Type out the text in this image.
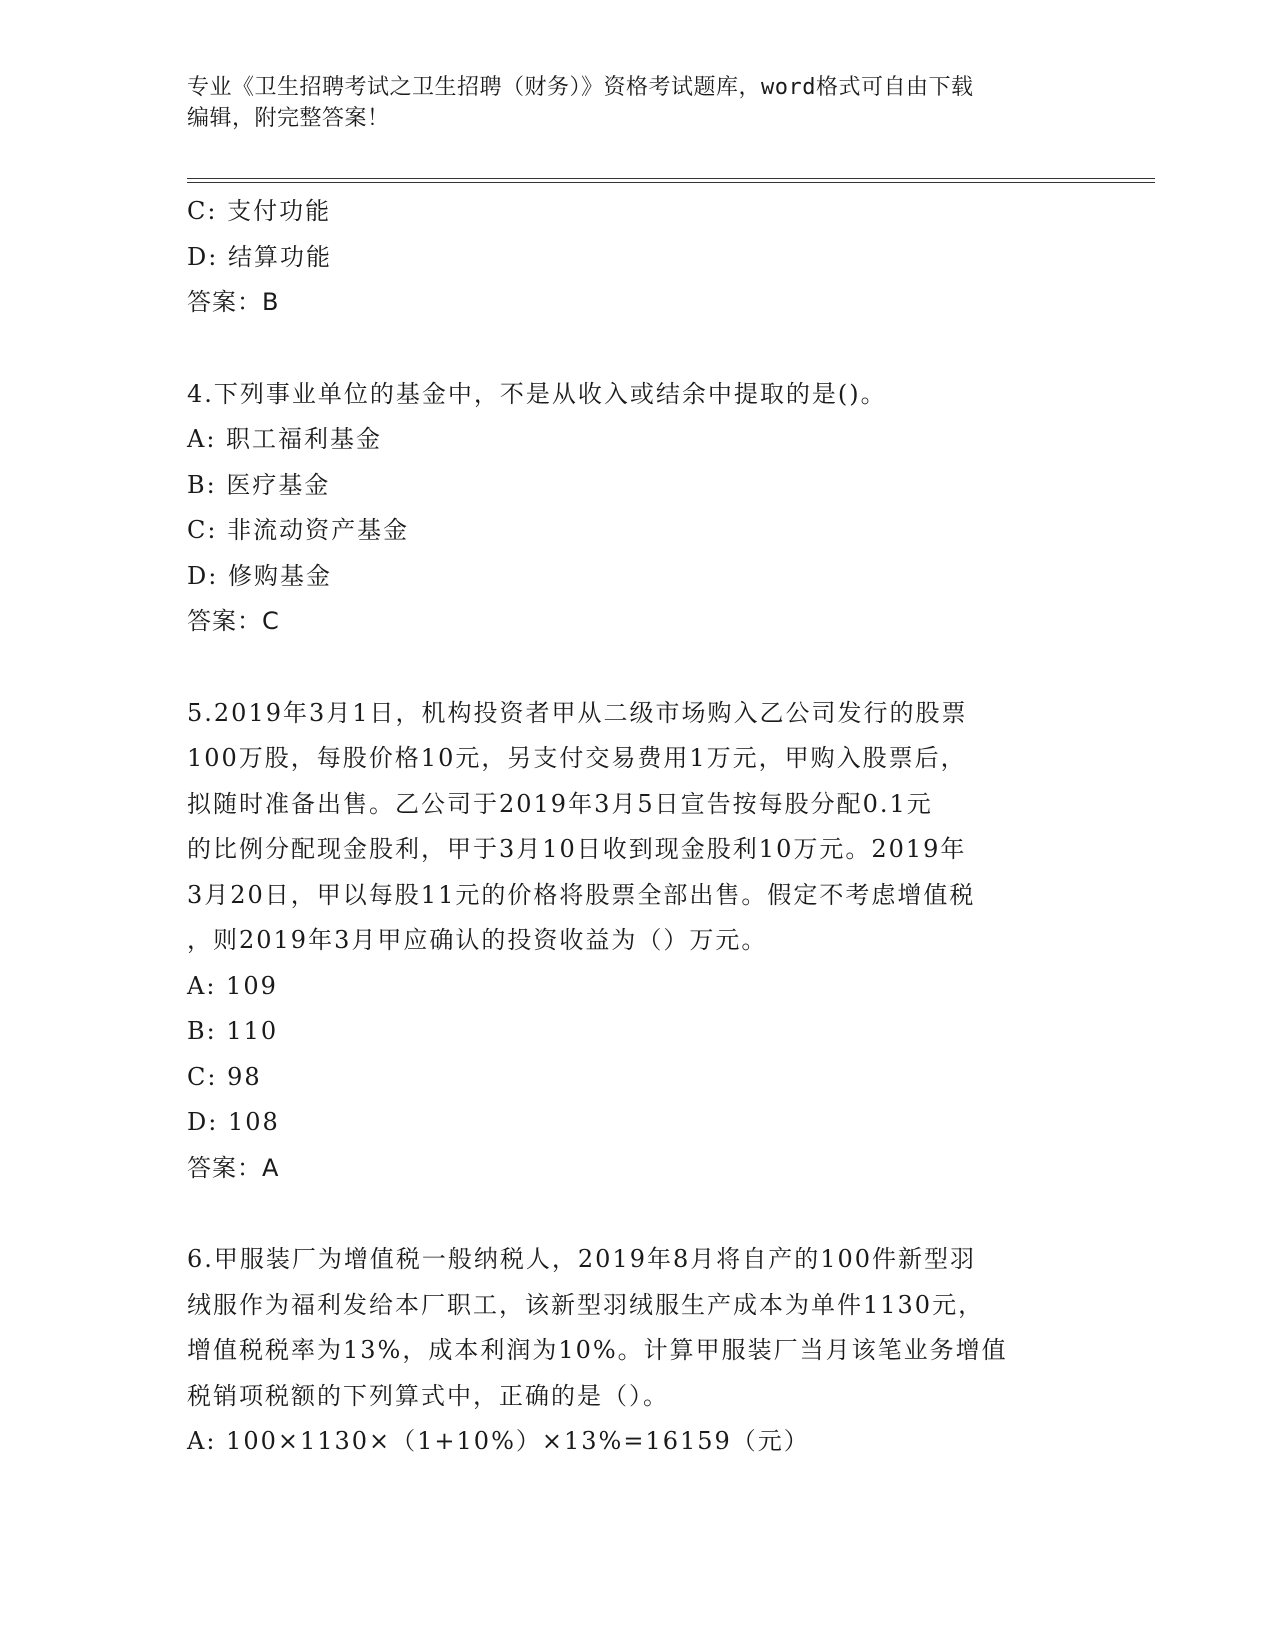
专业《卫生招聘考试之卫生招聘（财务）》资格考试题库，word格式可自由下载
编辑，附完整答案！
C: 支付功能
D: 结算功能
答案：B
4.下列事业单位的基金中，不是从收入或结余中提取的是()。
A: 职工福利基金
B: 医疗基金
C: 非流动资产基金
D: 修购基金
答案：C
5.2019年3月1日，机构投资者甲从二级市场购入乙公司发行的股票
100万股，每股价格10元，另支付交易费用1万元，甲购入股票后，
拟随时准备出售。乙公司于2019年3月5日宣告按每股分配0.1元
的比例分配现金股利，甲于3月10日收到现金股利10万元。2019年
3月20日，甲以每股11元的价格将股票全部出售。假定不考虑增值税
，则2019年3月甲应确认的投资收益为（）万元。
A: 109
B: 110
C: 98
D: 108
答案：A
6.甲服装厂为增值税一般纳税人，2019年8月将自产的100件新型羽
绒服作为福利发给本厂职工，该新型羽绒服生产成本为单件1130元，
增值税税率为13%，成本利润为10%。计算甲服装厂当月该笔业务增值
税销项税额的下列算式中，正确的是（）。
A: 100×1130×（1+10%）×13%=16159（元）
